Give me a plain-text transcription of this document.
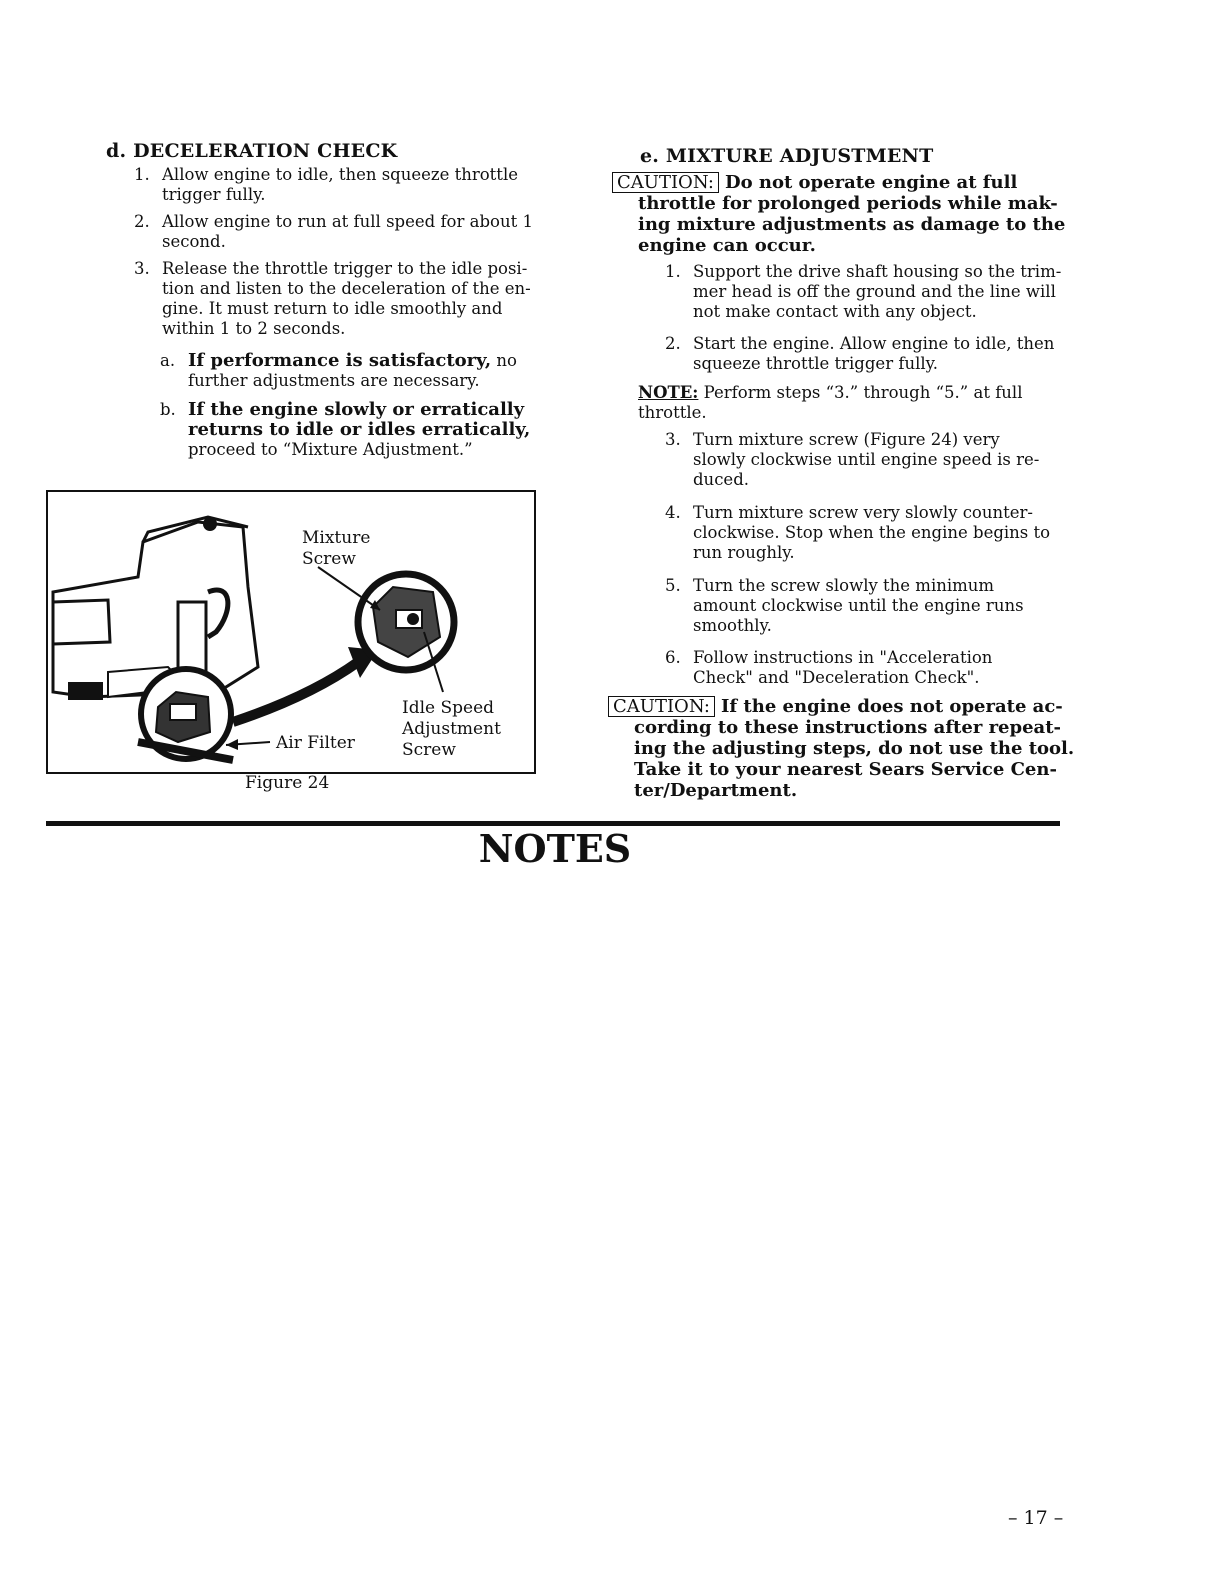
d. DECELERATION CHECK
1. Allow engine to idle, then squeeze throttle
trigger fully.
2. Allow engine to run at full speed for about 1
second.
3. Release the throttle trigger to the idle posi-
tion and listen to the deceleration of the en-
gine. It must return to idle smoothly and
within 1 to 2 seconds.
a. If performance is satisfactory, no
further adjustments are necessary.
b. If the engine slowly or erratically
returns to idle or idles erratically,
proceed to “Mixture Adjustment.”
Mixture
Screw
Idle Speed
Adjustment
Screw
Air Filter
Figure 24
e. MIXTURE ADJUSTMENT
CAUTION: Do not operate engine at full
throttle for prolonged periods while mak-
ing mixture adjustments as damage to the
engine can occur.
1. Support the drive shaft housing so the trim-
mer head is off the ground and the line will
not make contact with any object.
2. Start the engine. Allow engine to idle, then
squeeze throttle trigger fully.
NOTE: Perform steps “3.” through “5.” at full
throttle.
3. Turn mixture screw (Figure 24) very
slowly clockwise until engine speed is re-
duced.
4. Turn mixture screw very slowly counter-
clockwise. Stop when the engine begins to
run roughly.
5. Turn the screw slowly the minimum
amount clockwise until the engine runs
smoothly.
6. Follow instructions in "Acceleration
Check" and "Deceleration Check".
CAUTION: If the engine does not operate ac-
cording to these instructions after repeat-
ing the adjusting steps, do not use the tool.
Take it to your nearest Sears Service Cen-
ter/Department.
NOTES
– 17 –
